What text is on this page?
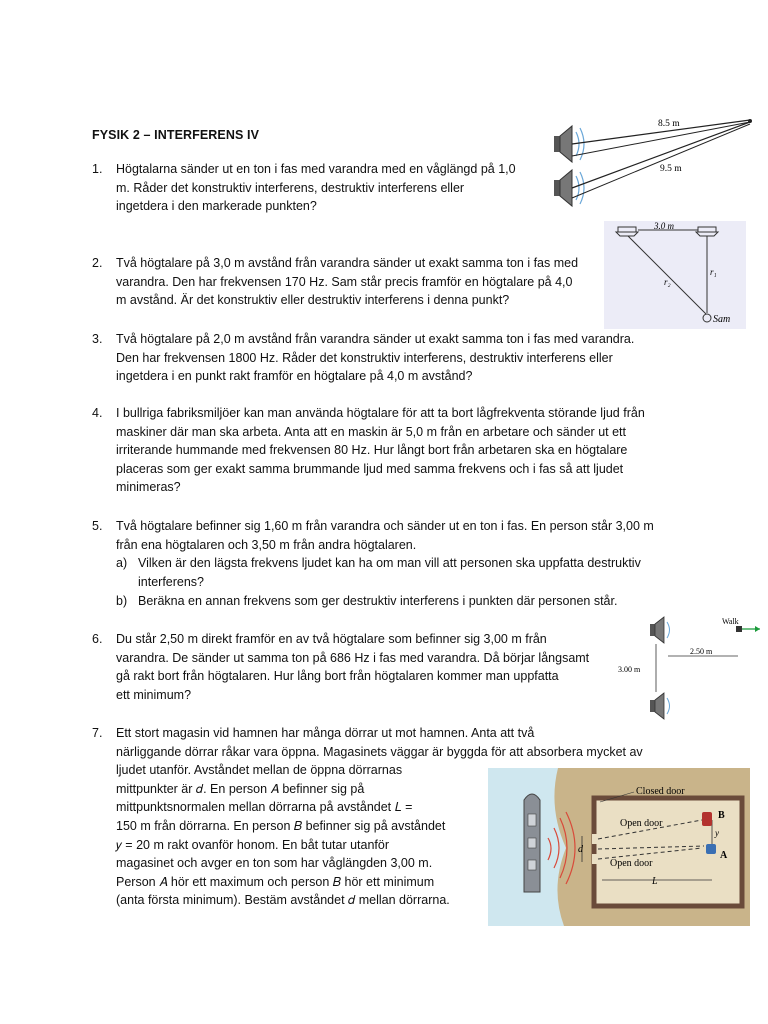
FYSIK 2 – INTERFERENS IV
1.	Högtalarna sänder ut en ton i fas med varandra med en våglängd på 1,0
m. Råder det konstruktiv interferens, destruktiv interferens eller
ingetdera i den markerade punkten?
2.	Två högtalare på 3,0 m avstånd från varandra sänder ut exakt samma ton i fas med
varandra. Den har frekvensen 170 Hz. Sam står precis framför en högtalare på 4,0
m avstånd. Är det konstruktiv eller destruktiv interferens i denna punkt?
3.	Två högtalare på 2,0 m avstånd från varandra sänder ut exakt samma ton i fas med varandra.
Den har frekvensen 1800 Hz. Råder det konstruktiv interferens, destruktiv interferens eller
ingetdera i en punkt rakt framför en högtalare på 4,0 m avstånd?
4.	I bullriga fabriksmiljöer kan man använda högtalare för att ta bort lågfrekventa störande ljud från
maskiner där man ska arbeta. Anta att en maskin är 5,0 m från en arbetare och sänder ut ett
irriterande hummande med frekvensen 80 Hz. Hur långt bort från arbetaren ska en högtalare
placeras som ger exakt samma brummande ljud med samma frekvens och i fas så att ljudet
minimeras?
5.	Två högtalare befinner sig 1,60 m från varandra och sänder ut en ton i fas. En person står 3,00 m
från ena högtalaren och 3,50 m från andra högtalaren.
a) Vilken är den lägsta frekvens ljudet kan ha om man vill att personen ska uppfatta destruktiv
interferens?
b) Beräkna en annan frekvens som ger destruktiv interferens i punkten där personen står.
6.	Du står 2,50 m direkt framför en av två högtalare som befinner sig 3,00 m från
varandra. De sänder ut samma ton på 686 Hz i fas med varandra. Då börjar långsamt
gå rakt bort från högtalaren. Hur lång bort från högtalaren kommer man uppfatta
ett minimum?
7.	Ett stort magasin vid hamnen har många dörrar ut mot hamnen. Anta att två
närliggande dörrar råkar vara öppna. Magasinets väggar är byggda för att absorbera mycket av
ljudet utanför. Avståndet mellan de öppna dörrarnas
mittpunkter är 𝑑. En person 𝐴 befinner sig på
mittpunktsnormalen mellan dörrarna på avståndet 𝐿 =
150 m från dörrarna. En person 𝐵 befinner sig på avståndet
𝑦 = 20 m rakt ovanför honom. En båt tutar utanför
magasinet och avger en ton som har våglängden 3,00 m.
Person 𝐴 hör ett maximum och person 𝐵 hör ett minimum
(anta första minimum). Bestäm avståndet 𝑑 mellan dörrarna.
8.5 m
9.5 m
3.0 m
r₂
r₁
Sam
3.00 m
2.50 m
Walk
y
B
A
d
L
Closed door
Open door
Open door
